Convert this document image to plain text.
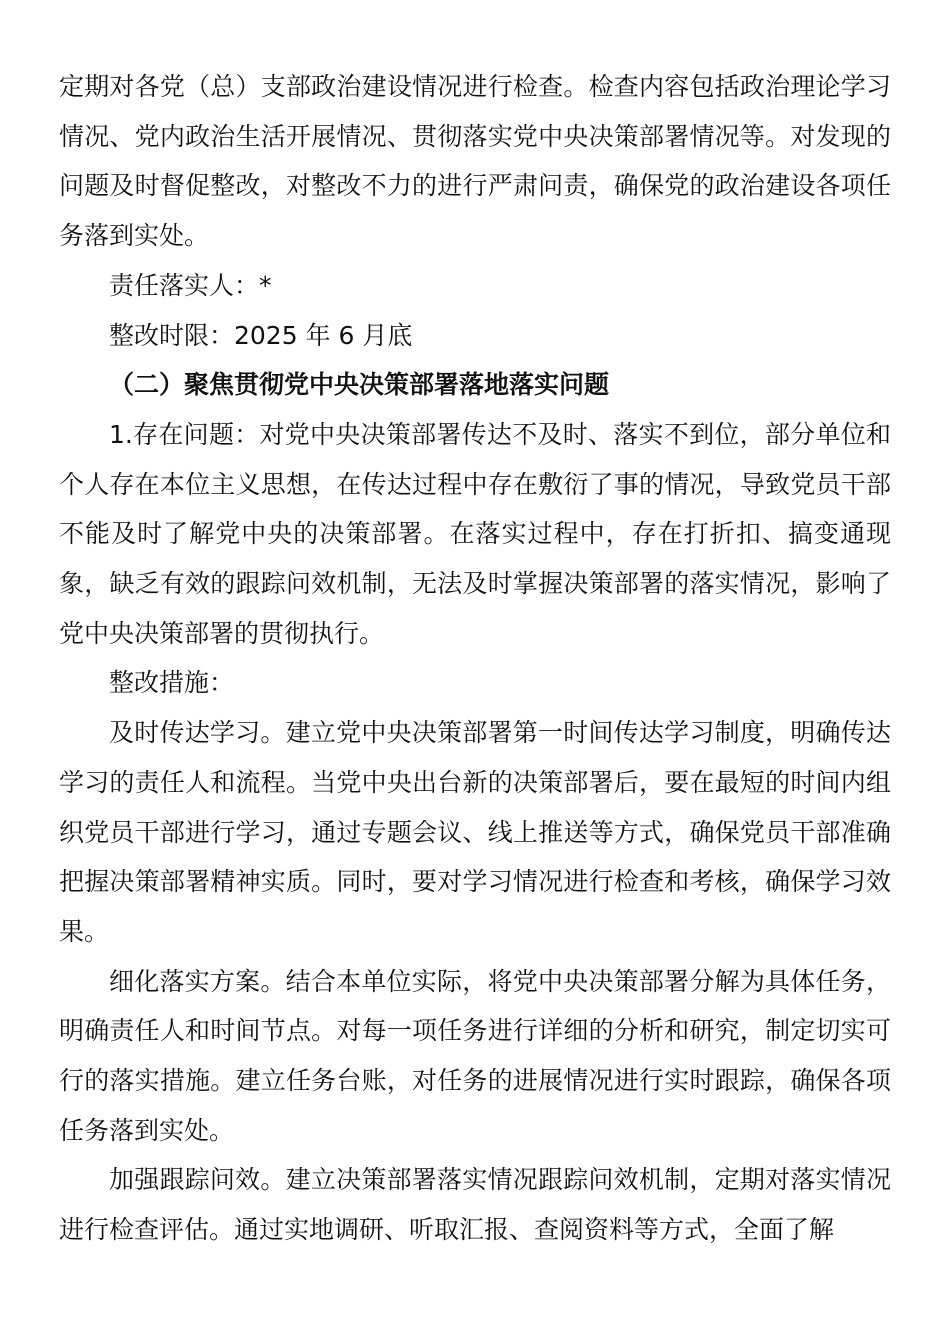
定期对各党（总）支部政治建设情况进行检查。检查内容包括政治理论学习情况、党内政治生活开展情况、贯彻落实党中央决策部署情况等。对发现的问题及时督促整改，对整改不力的进行严肃问责，确保党的政治建设各项任务落到实处。

责任落实人：*

整改时限：2025 年 6 月底

（二）聚焦贯彻党中央决策部署落地落实问题

1.存在问题：对党中央决策部署传达不及时、落实不到位，部分单位和个人存在本位主义思想，在传达过程中存在敷衍了事的情况，导致党员干部不能及时了解党中央的决策部署。在落实过程中，存在打折扣、搞变通现象，缺乏有效的跟踪问效机制，无法及时掌握决策部署的落实情况，影响了党中央决策部署的贯彻执行。

整改措施：

及时传达学习。建立党中央决策部署第一时间传达学习制度，明确传达学习的责任人和流程。当党中央出台新的决策部署后，要在最短的时间内组织党员干部进行学习，通过专题会议、线上推送等方式，确保党员干部准确把握决策部署精神实质。同时，要对学习情况进行检查和考核，确保学习效果。

细化落实方案。结合本单位实际，将党中央决策部署分解为具体任务，明确责任人和时间节点。对每一项任务进行详细的分析和研究，制定切实可行的落实措施。建立任务台账，对任务的进展情况进行实时跟踪，确保各项任务落到实处。

加强跟踪问效。建立决策部署落实情况跟踪问效机制，定期对落实情况进行检查评估。通过实地调研、听取汇报、查阅资料等方式，全面了解
